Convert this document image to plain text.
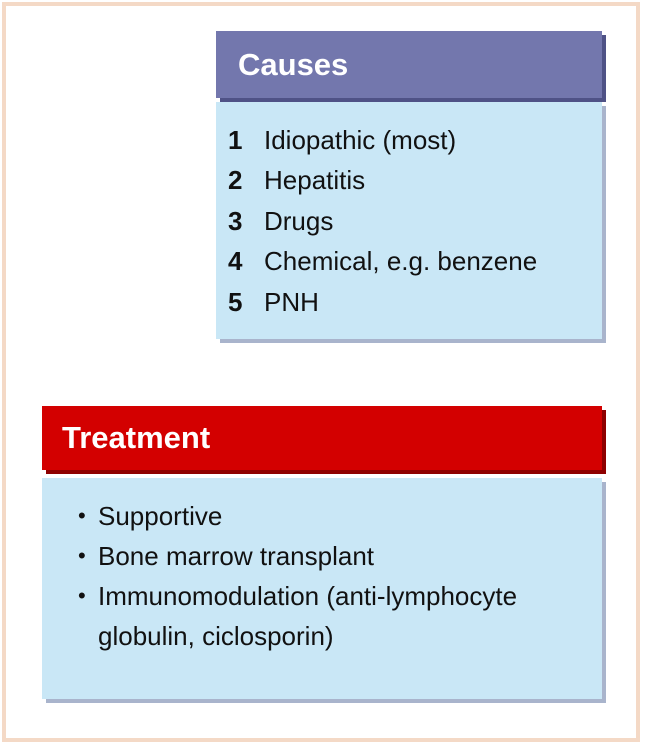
Causes
1 Idiopathic (most)
2 Hepatitis
3 Drugs
4 Chemical, e.g. benzene
5 PNH
Treatment
• Supportive
• Bone marrow transplant
• Immunomodulation (anti-lymphocyte globulin, ciclosporin)
